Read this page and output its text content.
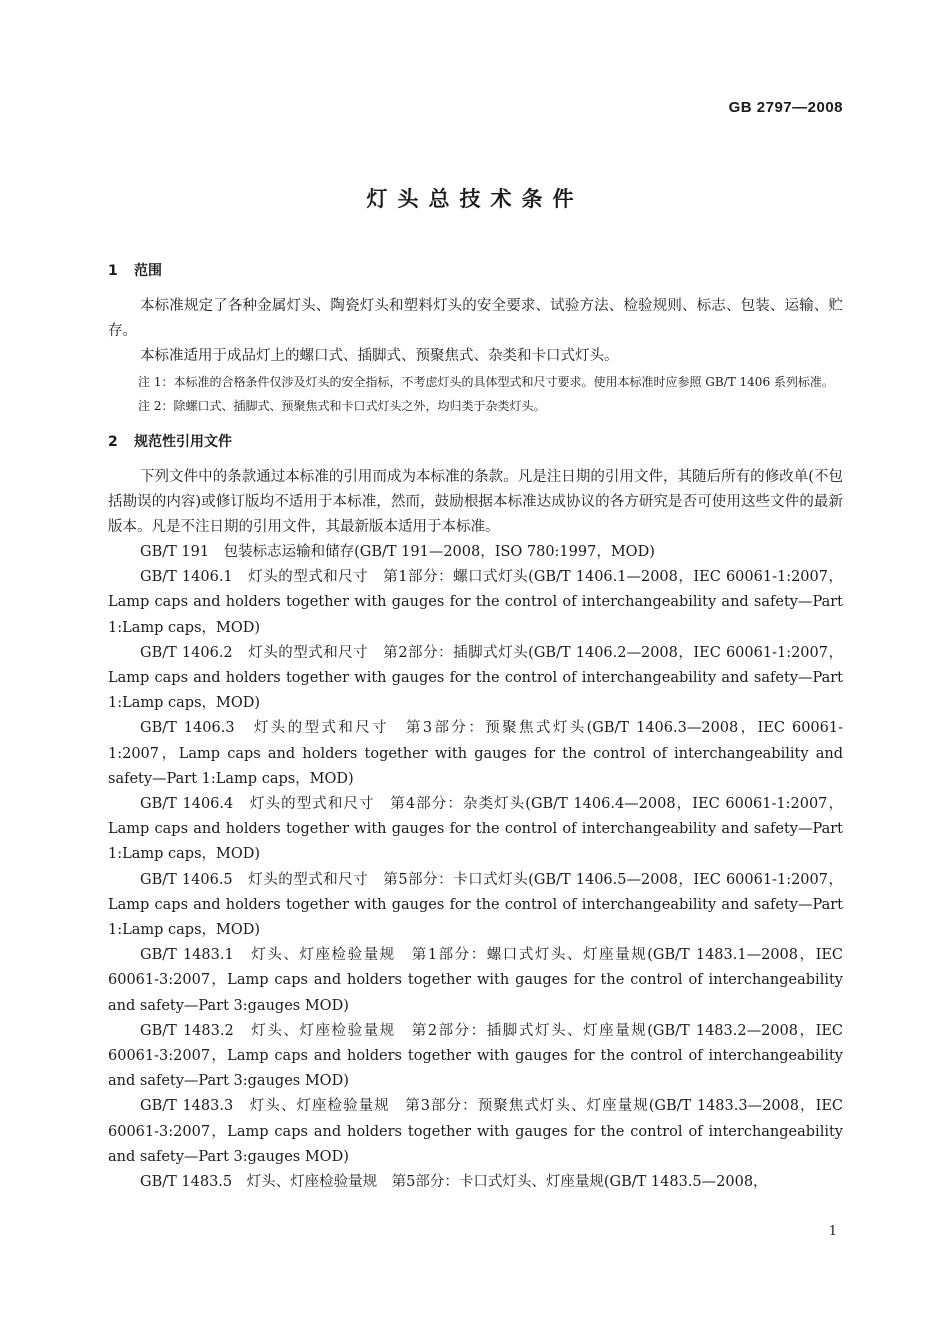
GB 2797—2008
灯头总技术条件
1 范围

本标准规定了各种金属灯头、陶瓷灯头和塑料灯头的安全要求、试验方法、检验规则、标志、包装、运输、贮存。

本标准适用于成品灯上的螺口式、插脚式、预聚焦式、杂类和卡口式灯头。

注 1：本标准的合格条件仅涉及灯头的安全指标，不考虑灯头的具体型式和尺寸要求。使用本标准时应参照 GB/T 1406 系列标准。

注 2：除螺口式、插脚式、预聚焦式和卡口式灯头之外，均归类于杂类灯头。

2 规范性引用文件

下列文件中的条款通过本标准的引用而成为本标准的条款。凡是注日期的引用文件，其随后所有的修改单(不包括勘误的内容)或修订版均不适用于本标准，然而，鼓励根据本标准达成协议的各方研究是否可使用这些文件的最新版本。凡是不注日期的引用文件，其最新版本适用于本标准。

GB/T 191　包装标志运输和储存(GB/T 191—2008，ISO 780:1997，MOD)

GB/T 1406.1　灯头的型式和尺寸　第1部分：螺口式灯头(GB/T 1406.1—2008，IEC 60061-1:2007，Lamp caps and holders together with gauges for the control of interchangeability and safety—Part 1:Lamp caps，MOD)

GB/T 1406.2　灯头的型式和尺寸　第2部分：插脚式灯头(GB/T 1406.2—2008，IEC 60061-1:2007，Lamp caps and holders together with gauges for the control of interchangeability and safety—Part 1:Lamp caps，MOD)

GB/T 1406.3　灯头的型式和尺寸　第3部分：预聚焦式灯头(GB/T 1406.3—2008，IEC 60061-1:2007，Lamp caps and holders together with gauges for the control of interchangeability and safety—Part 1:Lamp caps，MOD)

GB/T 1406.4　灯头的型式和尺寸　第4部分：杂类灯头(GB/T 1406.4—2008，IEC 60061-1:2007，Lamp caps and holders together with gauges for the control of interchangeability and safety—Part 1:Lamp caps，MOD)

GB/T 1406.5　灯头的型式和尺寸　第5部分：卡口式灯头(GB/T 1406.5—2008，IEC 60061-1:2007，Lamp caps and holders together with gauges for the control of interchangeability and safety—Part 1:Lamp caps，MOD)

GB/T 1483.1　灯头、灯座检验量规　第1部分：螺口式灯头、灯座量规(GB/T 1483.1—2008，IEC 60061-3:2007，Lamp caps and holders together with gauges for the control of interchangeability and safety—Part 3:gauges MOD)

GB/T 1483.2　灯头、灯座检验量规　第2部分：插脚式灯头、灯座量规(GB/T 1483.2—2008，IEC 60061-3:2007，Lamp caps and holders together with gauges for the control of interchangeability and safety—Part 3:gauges MOD)

GB/T 1483.3　灯头、灯座检验量规　第3部分：预聚焦式灯头、灯座量规(GB/T 1483.3—2008，IEC 60061-3:2007，Lamp caps and holders together with gauges for the control of interchangeability and safety—Part 3:gauges MOD)

GB/T 1483.5　灯头、灯座检验量规　第5部分：卡口式灯头、灯座量规(GB/T 1483.5—2008，

1
